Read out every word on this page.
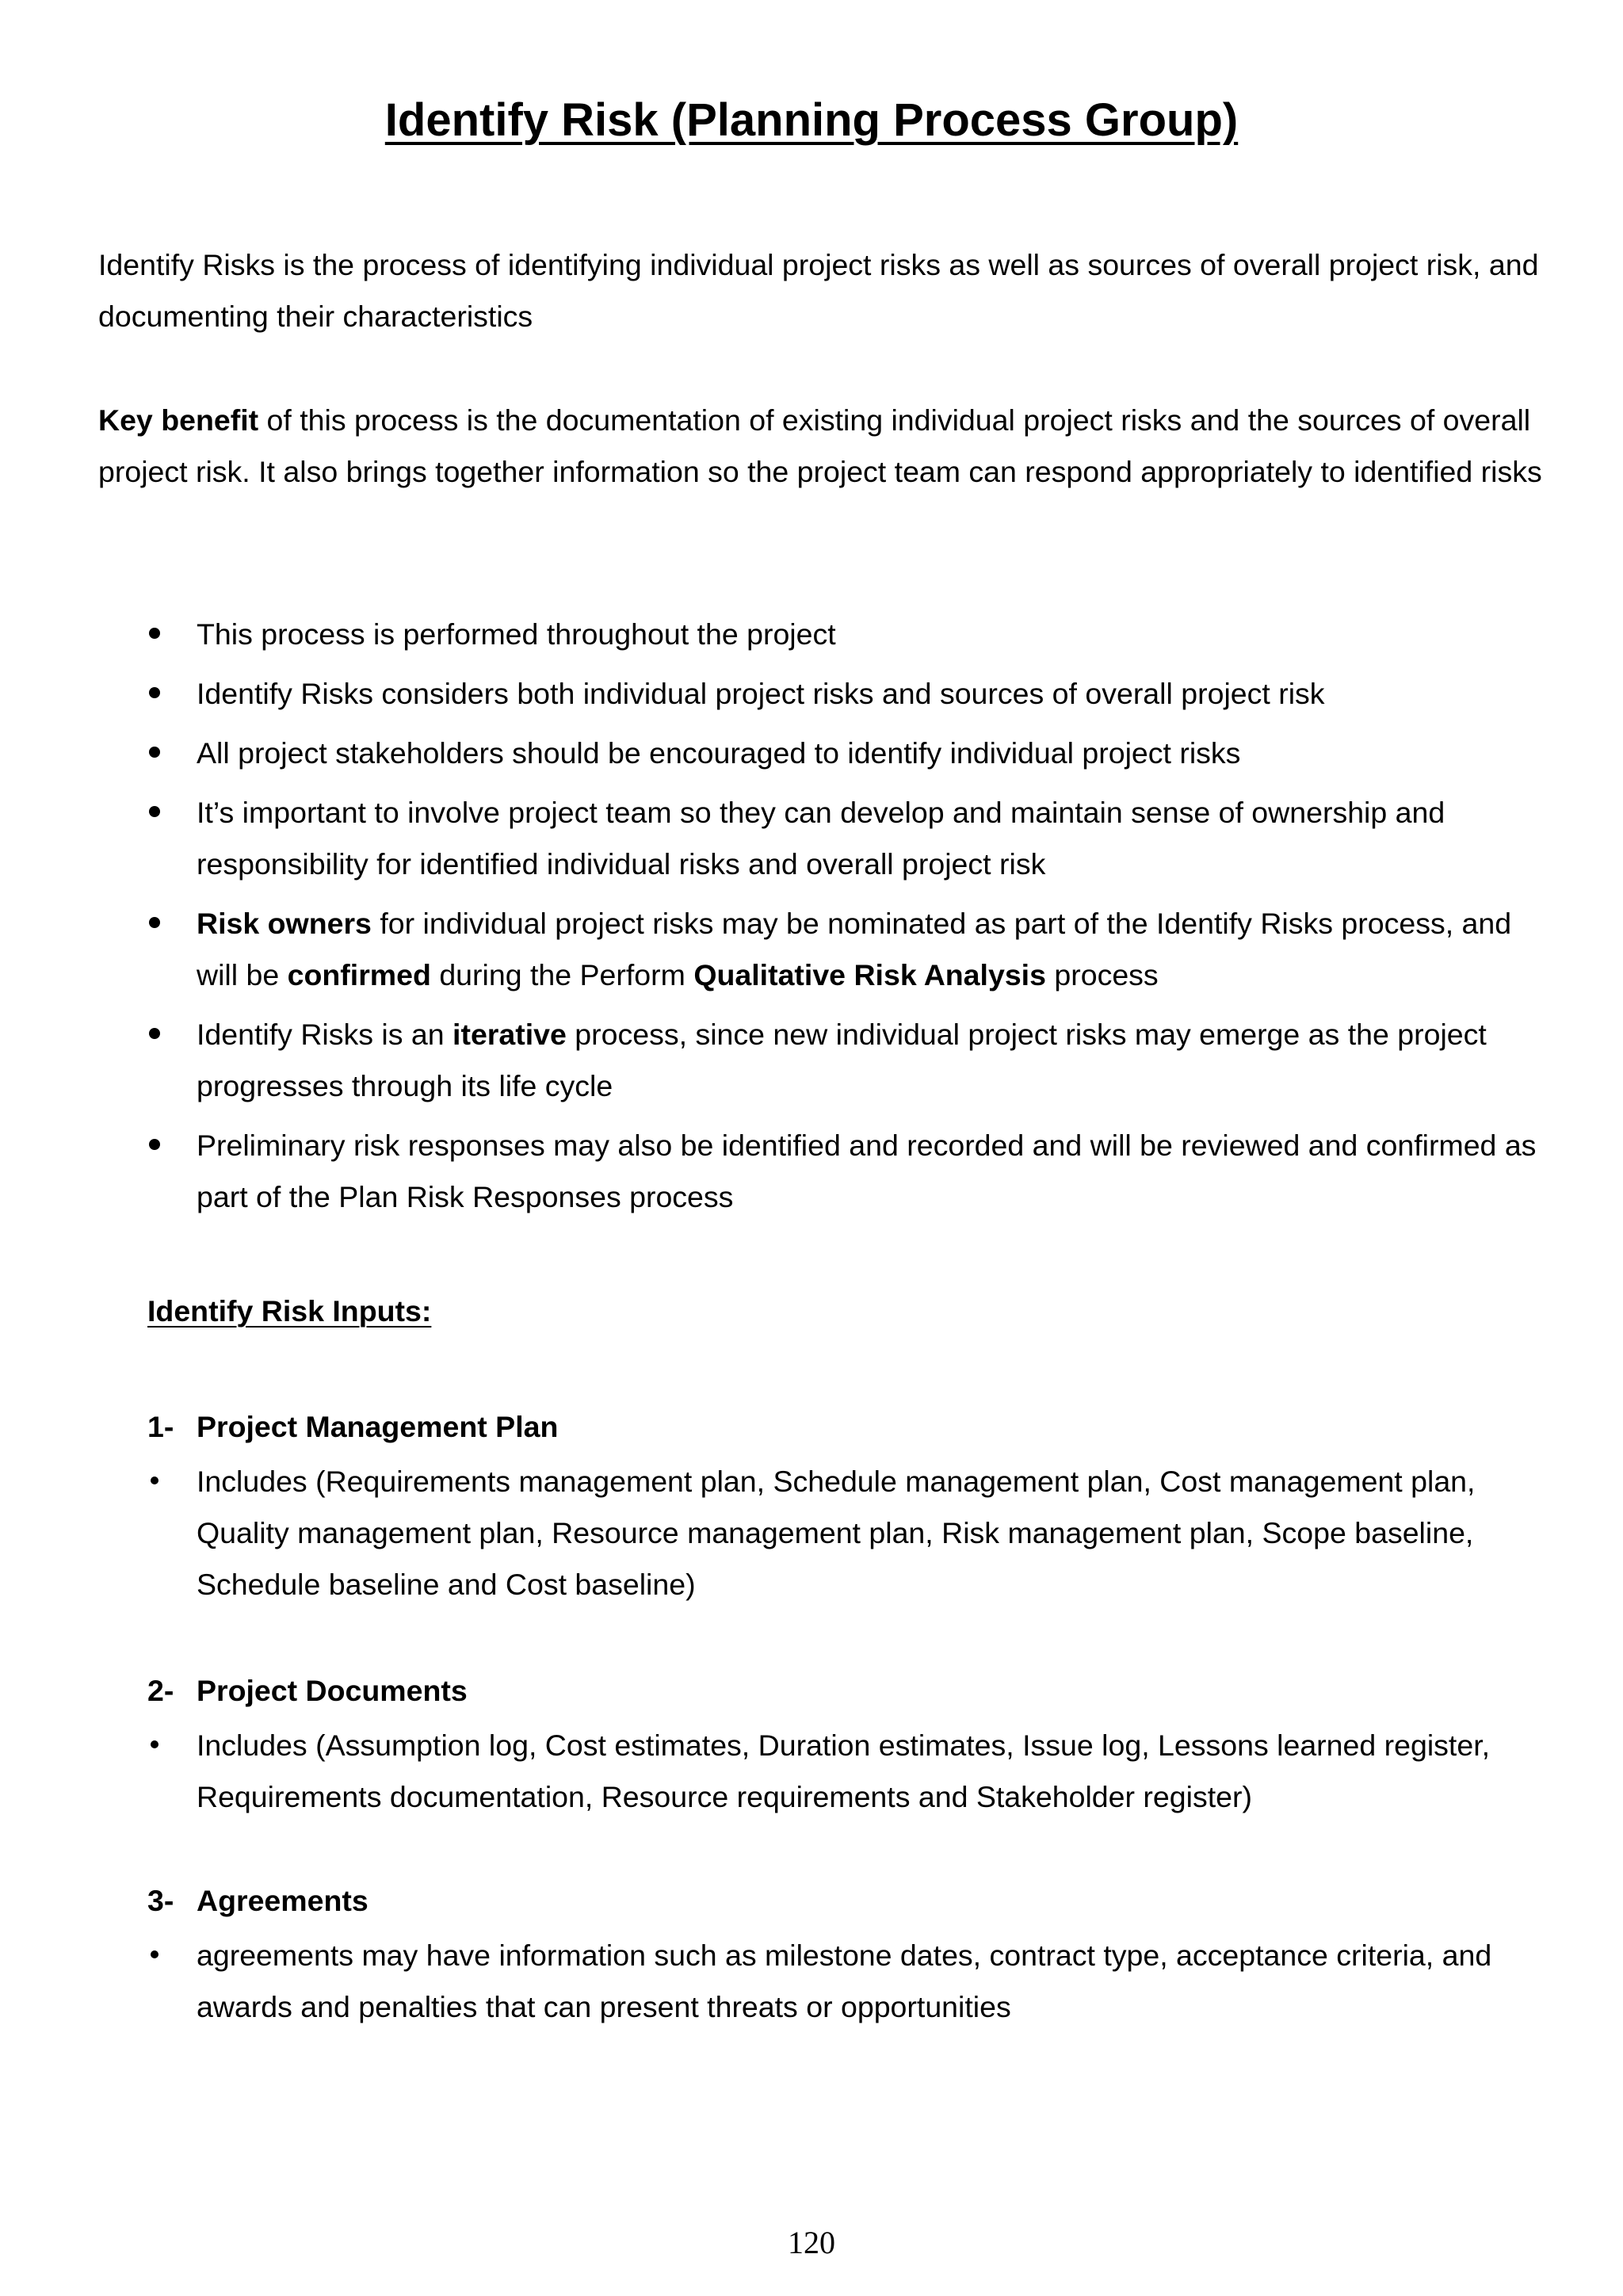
Identify Risk (Planning Process Group)

Identify Risks is the process of identifying individual project risks as well as sources of overall project risk, and documenting their characteristics

Key benefit of this process is the documentation of existing individual project risks and the sources of overall project risk. It also brings together information so the project team can respond appropriately to identified risks

This process is performed throughout the project
Identify Risks considers both individual project risks and sources of overall project risk
All project stakeholders should be encouraged to identify individual project risks
It’s important to involve project team so they can develop and maintain sense of ownership and responsibility for identified individual risks and overall project risk
Risk owners for individual project risks may be nominated as part of the Identify Risks process, and will be confirmed during the Perform Qualitative Risk Analysis process
Identify Risks is an iterative process, since new individual project risks may emerge as the project progresses through its life cycle
Preliminary risk responses may also be identified and recorded and will be reviewed and confirmed as part of the Plan Risk Responses process

Identify Risk Inputs:

1- Project Management Plan

Includes (Requirements management plan, Schedule management plan, Cost management plan, Quality management plan, Resource management plan, Risk management plan, Scope baseline, Schedule baseline and Cost baseline)

2- Project Documents

Includes (Assumption log, Cost estimates, Duration estimates, Issue log, Lessons learned register, Requirements documentation, Resource requirements and Stakeholder register)

3- Agreements

agreements may have information such as milestone dates, contract type, acceptance criteria, and awards and penalties that can present threats or opportunities

120
